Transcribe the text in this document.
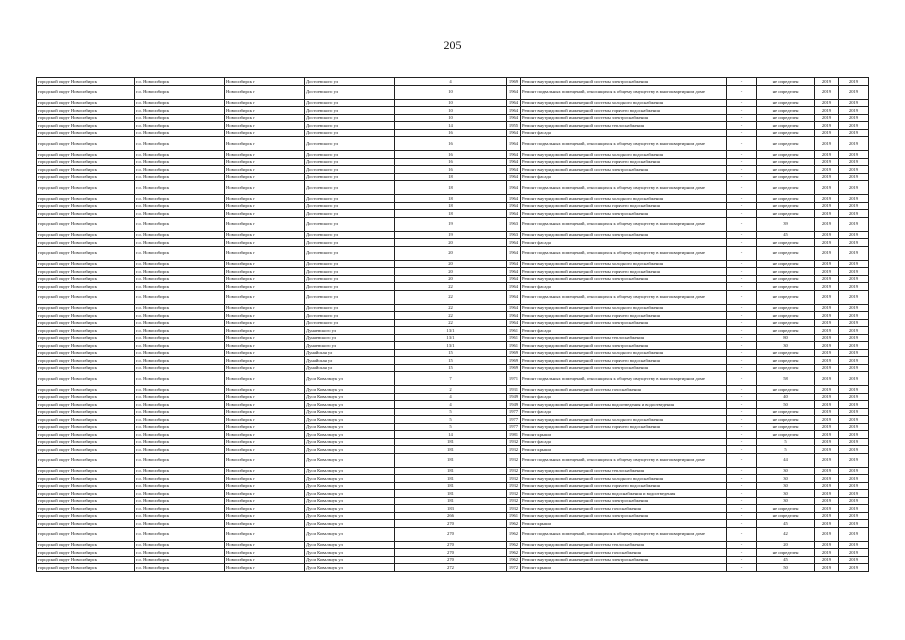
205
городской округ Новосибирск	г.о. Новосибирск	Новосибирск г	Достоевского ул	4	1969	Ремонт внутридомовой инженерной системы электроснабжения	-	не определен	2019	2019
городской округ Новосибирск	г.о. Новосибирск	Новосибирск г	Достоевского ул	10	1964	Ремонт подвальных помещений, относящихся к общему имуществу в многоквартирном доме	-	не определен	2019	2019
городской округ Новосибирск	г.о. Новосибирск	Новосибирск г	Достоевского ул	10	1964	Ремонт внутридомовой инженерной системы холодного водоснабжения	-	не определен	2019	2019
городской округ Новосибирск	г.о. Новосибирск	Новосибирск г	Достоевского ул	10	1964	Ремонт внутридомовой инженерной системы горячего водоснабжения	-	не определен	2019	2019
городской округ Новосибирск	г.о. Новосибирск	Новосибирск г	Достоевского ул	10	1964	Ремонт внутридомовой инженерной системы электроснабжения	-	не определен	2019	2019
городской округ Новосибирск	г.о. Новосибирск	Новосибирск г	Достоевского ул	14	1955	Ремонт внутридомовой инженерной системы теплоснабжения	-	не определен	2019	2019
городской округ Новосибирск	г.о. Новосибирск	Новосибирск г	Достоевского ул	16	1964	Ремонт фасада	-	не определен	2019	2019
городской округ Новосибирск	г.о. Новосибирск	Новосибирск г	Достоевского ул	16	1964	Ремонт подвальных помещений, относящихся к общему имуществу в многоквартирном доме	-	не определен	2019	2019
городской округ Новосибирск	г.о. Новосибирск	Новосибирск г	Достоевского ул	16	1964	Ремонт внутридомовой инженерной системы холодного водоснабжения	-	не определен	2019	2019
городской округ Новосибирск	г.о. Новосибирск	Новосибирск г	Достоевского ул	16	1964	Ремонт внутридомовой инженерной системы горячего водоснабжения	-	не определен	2019	2019
городской округ Новосибирск	г.о. Новосибирск	Новосибирск г	Достоевского ул	16	1964	Ремонт внутридомовой инженерной системы электроснабжения	-	не определен	2019	2019
городской округ Новосибирск	г.о. Новосибирск	Новосибирск г	Достоевского ул	18	1964	Ремонт фасада	-	не определен	2019	2019
городской округ Новосибирск	г.о. Новосибирск	Новосибирск г	Достоевского ул	18	1964	Ремонт подвальных помещений, относящихся к общему имуществу в многоквартирном доме	-	не определен	2019	2019
городской округ Новосибирск	г.о. Новосибирск	Новосибирск г	Достоевского ул	18	1964	Ремонт внутридомовой инженерной системы холодного водоснабжения	-	не определен	2019	2019
городской округ Новосибирск	г.о. Новосибирск	Новосибирск г	Достоевского ул	18	1964	Ремонт внутридомовой инженерной системы горячего водоснабжения	-	не определен	2019	2019
городской округ Новосибирск	г.о. Новосибирск	Новосибирск г	Достоевского ул	18	1964	Ремонт внутридомовой инженерной системы электроснабжения	-	не определен	2019	2019
городской округ Новосибирск	г.о. Новосибирск	Новосибирск г	Достоевского ул	19	1963	Ремонт подвальных помещений, относящихся к общему имуществу в многоквартирном доме	-	39	2019	2019
городской округ Новосибирск	г.о. Новосибирск	Новосибирск г	Достоевского ул	19	1963	Ремонт внутридомовой инженерной системы электроснабжения	-	45	2019	2019
городской округ Новосибирск	г.о. Новосибирск	Новосибирск г	Достоевского ул	20	1964	Ремонт фасада	-	не определен	2019	2019
городской округ Новосибирск	г.о. Новосибирск	Новосибирск г	Достоевского ул	20	1964	Ремонт подвальных помещений, относящихся к общему имуществу в многоквартирном доме	-	не определен	2019	2019
городской округ Новосибирск	г.о. Новосибирск	Новосибирск г	Достоевского ул	20	1964	Ремонт внутридомовой инженерной системы холодного водоснабжения	-	не определен	2019	2019
городской округ Новосибирск	г.о. Новосибирск	Новосибирск г	Достоевского ул	20	1964	Ремонт внутридомовой инженерной системы горячего водоснабжения	-	не определен	2019	2019
городской округ Новосибирск	г.о. Новосибирск	Новосибирск г	Достоевского ул	20	1964	Ремонт внутридомовой инженерной системы электроснабжения	-	не определен	2019	2019
городской округ Новосибирск	г.о. Новосибирск	Новосибирск г	Достоевского ул	22	1964	Ремонт фасада	-	не определен	2019	2019
городской округ Новосибирск	г.о. Новосибирск	Новосибирск г	Достоевского ул	22	1964	Ремонт подвальных помещений, относящихся к общему имуществу в многоквартирном доме	-	не определен	2019	2019
городской округ Новосибирск	г.о. Новосибирск	Новосибирск г	Достоевского ул	22	1964	Ремонт внутридомовой инженерной системы холодного водоснабжения	-	не определен	2019	2019
городской округ Новосибирск	г.о. Новосибирск	Новосибирск г	Достоевского ул	22	1964	Ремонт внутридомовой инженерной системы горячего водоснабжения	-	не определен	2019	2019
городской округ Новосибирск	г.о. Новосибирск	Новосибирск г	Достоевского ул	22	1964	Ремонт внутридомовой инженерной системы электроснабжения	-	не определен	2019	2019
городской округ Новосибирск	г.о. Новосибирск	Новосибирск г	Дунаевского ул	13/1	1961	Ремонт фасада	-	не определен	2019	2019
городской округ Новосибирск	г.о. Новосибирск	Новосибирск г	Дунаевского ул	13/1	1961	Ремонт внутридомовой инженерной системы теплоснабжения	-	80	2019	2019
городской округ Новосибирск	г.о. Новосибирск	Новосибирск г	Дунаевского ул	13/1	1961	Ремонт внутридомовой инженерной системы электроснабжения	-	30	2019	2019
городской округ Новосибирск	г.о. Новосибирск	Новосибирск г	Дунайская ул	15	1969	Ремонт внутридомовой инженерной системы холодного водоснабжения	-	не определен	2019	2019
городской округ Новосибирск	г.о. Новосибирск	Новосибирск г	Дунайская ул	15	1969	Ремонт внутридомовой инженерной системы горячего водоснабжения	-	не определен	2019	2019
городской округ Новосибирск	г.о. Новосибирск	Новосибирск г	Дунайская ул	15	1969	Ремонт внутридомовой инженерной системы электроснабжения	-	не определен	2019	2019
городской округ Новосибирск	г.о. Новосибирск	Новосибирск г	Дуси Ковальчук ул	7	1971	Ремонт подвальных помещений, относящихся к общему имуществу в многоквартирном доме	-	58	2019	2019
городской округ Новосибирск	г.о. Новосибирск	Новосибирск г	Дуси Ковальчук ул	2	1931	Ремонт внутридомовой инженерной системы газоснабжения	-	не определен	2019	2019
городской округ Новосибирск	г.о. Новосибирск	Новосибирск г	Дуси Ковальчук ул	4	1949	Ремонт фасада	-	40	2019	2019
городской округ Новосибирск	г.о. Новосибирск	Новосибирск г	Дуси Ковальчук ул	4	1949	Ремонт внутридомовой инженерной системы водоотведения и водоотведения	-	50	2019	2019
городской округ Новосибирск	г.о. Новосибирск	Новосибирск г	Дуси Ковальчук ул	5	1977	Ремонт фасада	-	не определен	2019	2019
городской округ Новосибирск	г.о. Новосибирск	Новосибирск г	Дуси Ковальчук ул	5	1977	Ремонт внутридомовой инженерной системы холодного водоснабжения	-	не определен	2019	2019
городской округ Новосибирск	г.о. Новосибирск	Новосибирск г	Дуси Ковальчук ул	5	1977	Ремонт внутридомовой инженерной системы горячего водоснабжения	-	не определен	2019	2019
городской округ Новосибирск	г.о. Новосибирск	Новосибирск г	Дуси Ковальчук ул	14	1981	Ремонт крыши	-	не определен	2019	2019
городской округ Новосибирск	г.о. Новосибирск	Новосибирск г	Дуси Ковальчук ул	181	1932	Ремонт фасада	-	5	2019	2019
городской округ Новосибирск	г.о. Новосибирск	Новосибирск г	Дуси Ковальчук ул	181	1932	Ремонт крыши	-	5	2019	2019
городской округ Новосибирск	г.о. Новосибирск	Новосибирск г	Дуси Ковальчук ул	181	1932	Ремонт подвальных помещений, относящихся к общему имуществу в многоквартирном доме	-	44	2019	2019
городской округ Новосибирск	г.о. Новосибирск	Новосибирск г	Дуси Ковальчук ул	181	1932	Ремонт внутридомовой инженерной системы теплоснабжения	-	30	2019	2019
городской округ Новосибирск	г.о. Новосибирск	Новосибирск г	Дуси Ковальчук ул	181	1932	Ремонт внутридомовой инженерной системы холодного водоснабжения	-	30	2019	2019
городской округ Новосибирск	г.о. Новосибирск	Новосибирск г	Дуси Ковальчук ул	181	1932	Ремонт внутридомовой инженерной системы горячего водоснабжения	-	30	2019	2019
городской округ Новосибирск	г.о. Новосибирск	Новосибирск г	Дуси Ковальчук ул	181	1932	Ремонт внутридомовой инженерной системы водоснабжения и водоотведения	-	30	2019	2019
городской округ Новосибирск	г.о. Новосибирск	Новосибирск г	Дуси Ковальчук ул	181	1932	Ремонт внутридомовой инженерной системы электроснабжения	-	30	2019	2019
городской округ Новосибирск	г.о. Новосибирск	Новосибирск г	Дуси Ковальчук ул	183	1932	Ремонт внутридомовой инженерной системы газоснабжения	-	не определен	2019	2019
городской округ Новосибирск	г.о. Новосибирск	Новосибирск г	Дуси Ковальчук ул	266	1961	Ремонт внутридомовой инженерной системы электроснабжения	-	не определен	2019	2019
городской округ Новосибирск	г.о. Новосибирск	Новосибирск г	Дуси Ковальчук ул	270	1962	Ремонт крыши	-	45	2019	2019
городской округ Новосибирск	г.о. Новосибирск	Новосибирск г	Дуси Ковальчук ул	270	1962	Ремонт подвальных помещений, относящихся к общему имуществу в многоквартирном доме	-	42	2019	2019
городской округ Новосибирск	г.о. Новосибирск	Новосибирск г	Дуси Ковальчук ул	270	1962	Ремонт внутридомовой инженерной системы теплоснабжения	-	20	2019	2019
городской округ Новосибирск	г.о. Новосибирск	Новосибирск г	Дуси Ковальчук ул	270	1962	Ремонт внутридомовой инженерной системы газоснабжения	-	не определен	2019	2019
городской округ Новосибирск	г.о. Новосибирск	Новосибирск г	Дуси Ковальчук ул	270	1962	Ремонт внутридомовой инженерной системы электроснабжения	-	45	2019	2019
городской округ Новосибирск	г.о. Новосибирск	Новосибирск г	Дуси Ковальчук ул	272	1972	Ремонт крыши	-	50	2019	2019
